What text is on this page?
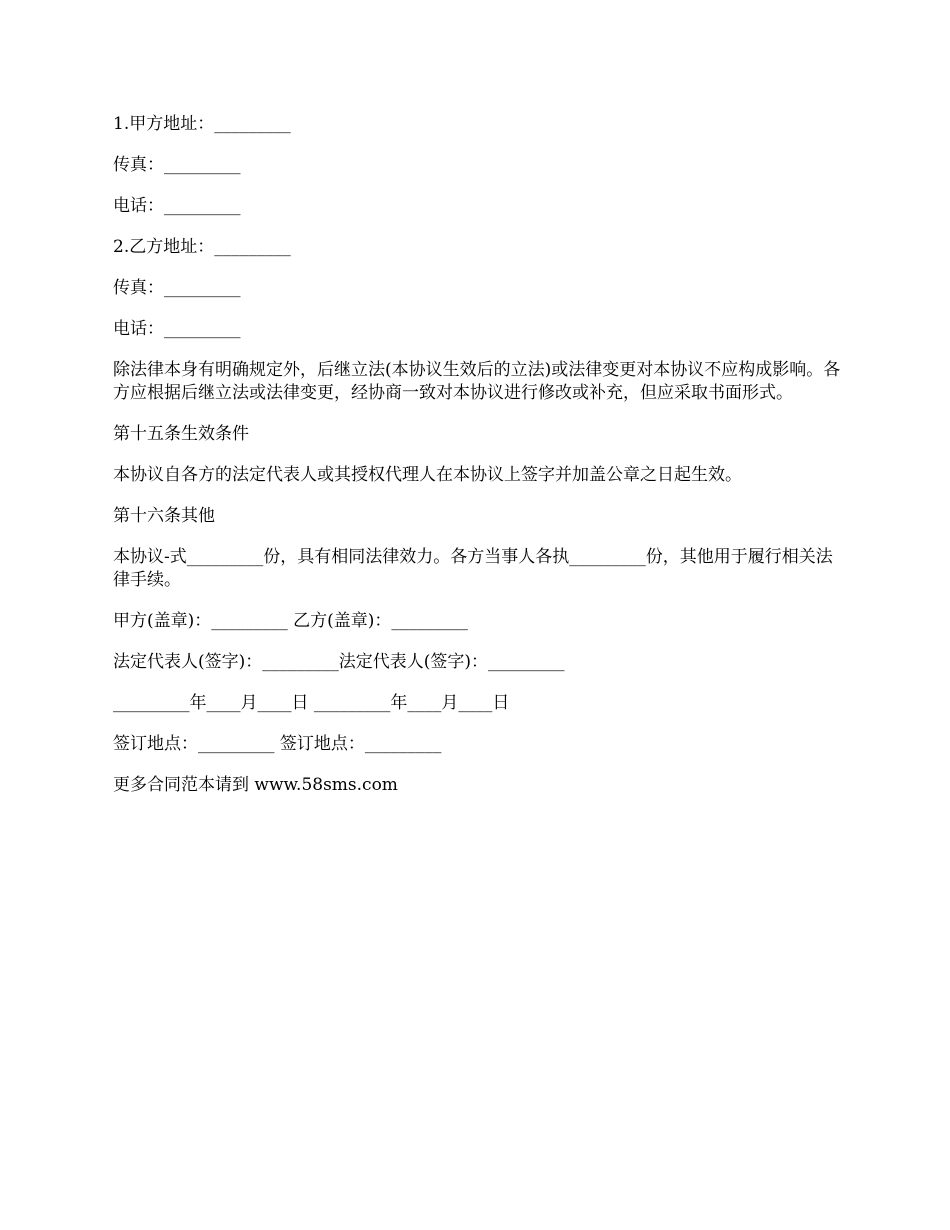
1.甲方地址：_________

传真：_________

电话：_________

2.乙方地址：_________

传真：_________

电话：_________

除法律本身有明确规定外，后继立法(本协议生效后的立法)或法律变更对本协议不应构成影响。各方应根据后继立法或法律变更，经协商一致对本协议进行修改或补充，但应采取书面形式。

第十五条生效条件

本协议自各方的法定代表人或其授权代理人在本协议上签字并加盖公章之日起生效。

第十六条其他

本协议-式_________份，具有相同法律效力。各方当事人各执_________份，其他用于履行相关法律手续。

甲方(盖章)：_________ 乙方(盖章)：_________

法定代表人(签字)：_________法定代表人(签字)：_________

_________年____月____日 _________年____月____日

签订地点：_________ 签订地点：_________

更多合同范本请到 www.58sms.com
